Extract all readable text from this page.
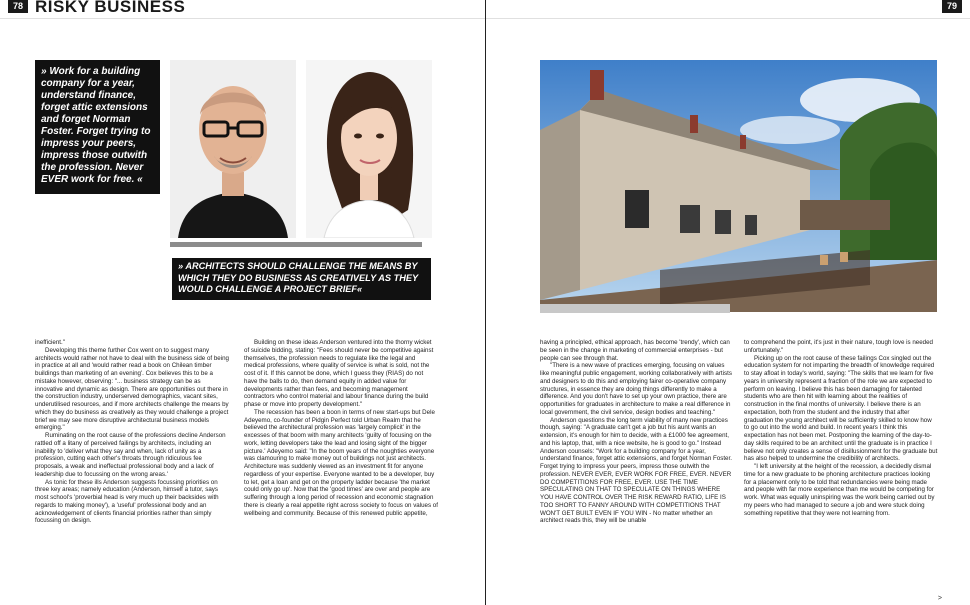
78 RISKY BUSINESS
» Work for a building company for a year, understand finance, forget attic extensions and forget Norman Foster. Forget trying to impress your peers, impress those outwith the profession. Never EVER work for free. «
» ARCHITECTS SHOULD CHALLENGE THE MEANS BY WHICH THEY DO BUSINESS AS CREATIVELY AS THEY WOULD CHALLENGE A PROJECT BRIEF«

inefficient."

Developing this theme further Cox went on to suggest many architects would rather not have to deal with the business side of being in practice at all and 'would rather read a book on Chilean timber buildings than marketing of an evening'. Cox believes this to be a mistake however, observing: "... business strategy can be as innovative and dynamic as design. There are opportunities out there in the construction industry, underserved demographics, vacant sites, underutilised resources, and if more architects challenge the means by which they do business as creatively as they would challenge a project brief we may see more disruptive architectural business models emerging."

Ruminating on the root cause of the professions decline Anderson rattled off a litany of perceived failings by architects, including an inability to 'deliver what they say and when, lack of unity as a profession, cutting each other's throats through ridiculous fee proposals, a weak and ineffectual professional body and a lack of leadership due to focussing on the wrong areas.'

As tonic for these ills Anderson suggests focussing priorities on three key areas; namely education (Anderson, himself a tutor, says most school's 'proverbial head is very much up their backsides with regards to making money'), a 'useful' professional body and an acknowledgement of clients financial priorities rather than simply focussing on design.

Building on these ideas Anderson ventured into the thorny wicket of suicide bidding, stating: "Fees should never be competitive against themselves, the profession needs to regulate like the legal and medical professions, where quality of service is what is sold, not the cost of it. If this cannot be done, which I guess they (RIAS) do not have the balls to do, then demand equity in added value for developments rather than fees, and becoming management contractors who control material and labour finance during the build phase or move into property development."

The recession has been a boon in terms of new start-ups but Dele Adeyemo, co-founder of Pidgin Perfect told Urban Realm that he believed the architectural profession was 'largely complicit' in the excesses of that boom with many architects 'guilty of focusing on the work, letting developers take the lead and losing sight of the bigger picture.' Adeyemo said: "In the boom years of the noughties everyone was clamouring to make money out of buildings not just architects. Architecture was suddenly viewed as an investment fit for anyone regardless of your expertise. Everyone wanted to be a developer, buy to let, get a loan and get on the property ladder because 'the market could only go up'. Now that the 'good times' are over and people are suffering through a long period of recession and economic stagnation there is clearly a real appetite right across society to focus on values of wellbeing and community. Because of this renewed public appetite,

79

having a principled, ethical approach, has become 'trendy', which can be seen in the change in marketing of commercial enterprises - but people can see through that.

"There is a new wave of practices emerging, focusing on values like meaningful public engagement, working collaboratively with artists and designers to do this and employing fairer co-operative company structures, in essence they are doing things differently to make a difference. And you don't have to set up your own practice, there are opportunities for graduates in architecture to make a real difference in local government, the civil service, design bodies and teaching."

Anderson questions the long term viability of many new practices though, saying: "A graduate can't get a job but his aunt wants an extension, it's enough for him to decide, with a £1000 fee agreement, and his laptop, that, with a nice website, he is good to go." Instead Anderson counsels: "Work for a building company for a year, understand finance, forget attic extensions, and forget Norman Foster. Forget trying to impress your peers, impress those outwith the profession. NEVER EVER, EVER WORK FOR FREE, EVER. NEVER DO COMPETITIONS FOR FREE, EVER. USE THE TIME SPECULATING ON THAT TO SPECULATE ON THINGS WHERE YOU HAVE CONTROL OVER THE RISK REWARD RATIO, LIFE IS TOO SHORT TO FANNY AROUND WITH COMPETITIONS THAT WON'T GET BUILT EVEN IF YOU WIN - No matter whether an architect reads this, they will be unable

to comprehend the point, it's just in their nature, tough love is needed unfortunately."

Picking up on the root cause of these failings Cox singled out the education system for not imparting the breadth of knowledge required to stay afloat in today's world, saying: "The skills that we learn for five years in university represent a fraction of the role we are expected to perform on leaving. I believe this has been damaging for talented students who are then hit with learning about the realities of construction in the final months of university. I believe there is an expectation, both from the student and the industry that after graduation the young architect will be sufficiently skilled to know how to go out into the world and build. In recent years I think this expectation has not been met. Postponing the learning of the day-to-day skills required to be an architect until the graduate is in practice I believe not only creates a sense of disillusionment for the graduate but has also helped to undermine the credibility of architects.

"I left university at the height of the recession, a decidedly dismal time for a new graduate to be phoning architecture practices looking for a placement only to be told that redundancies were being made and people with far more experience than me would be competing for work. What was equally uninspiring was the work being carried out by my peers who had managed to secure a job and were stuck doing something repetitive that they were not learning from.

>
